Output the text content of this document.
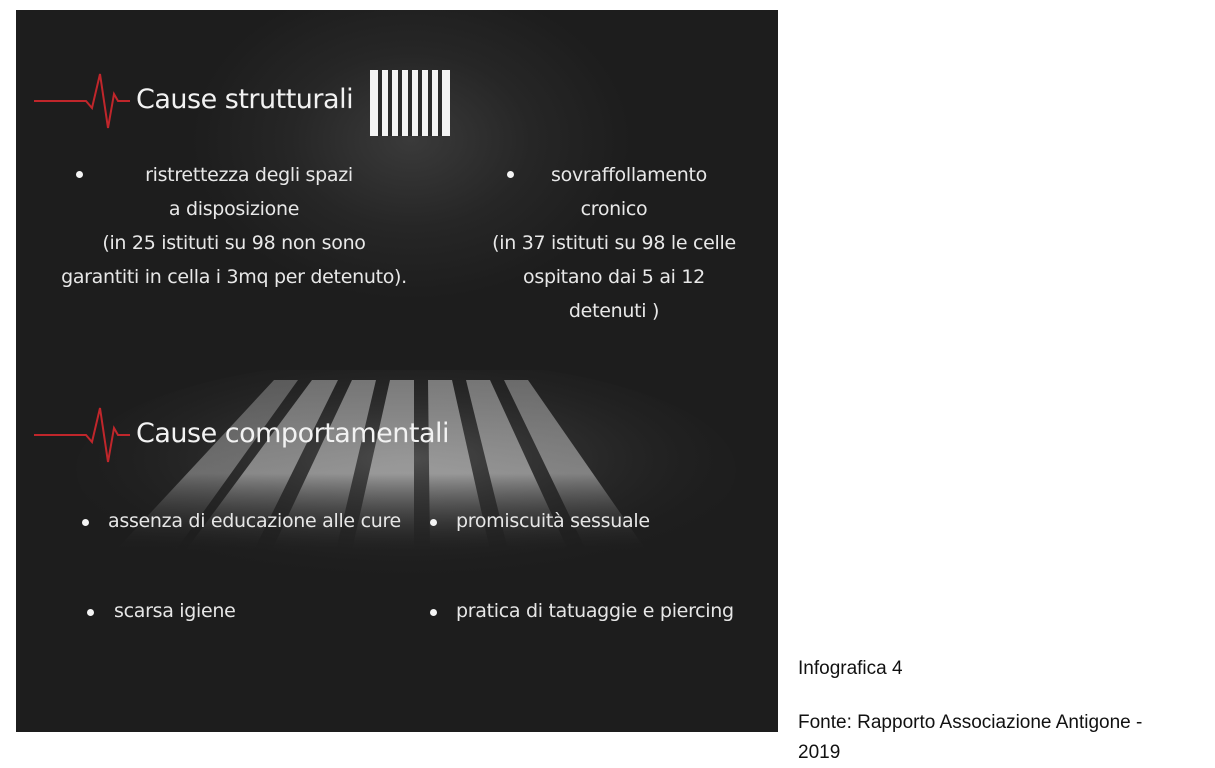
Cause strutturali
ristrettezza degli spazi
a disposizione
(in 25 istituti su 98 non sono
garantiti in cella i 3mq per detenuto).
sovraffollamento
cronico
(in 37 istituti su 98 le celle
ospitano dai 5 ai 12
detenuti )
Cause comportamentali
assenza di educazione alle cure	promiscuità sessuale
scarsa igiene	pratica di tatuaggie e piercing
Infografica 4
Fonte: Rapporto Associazione Antigone -
2019
